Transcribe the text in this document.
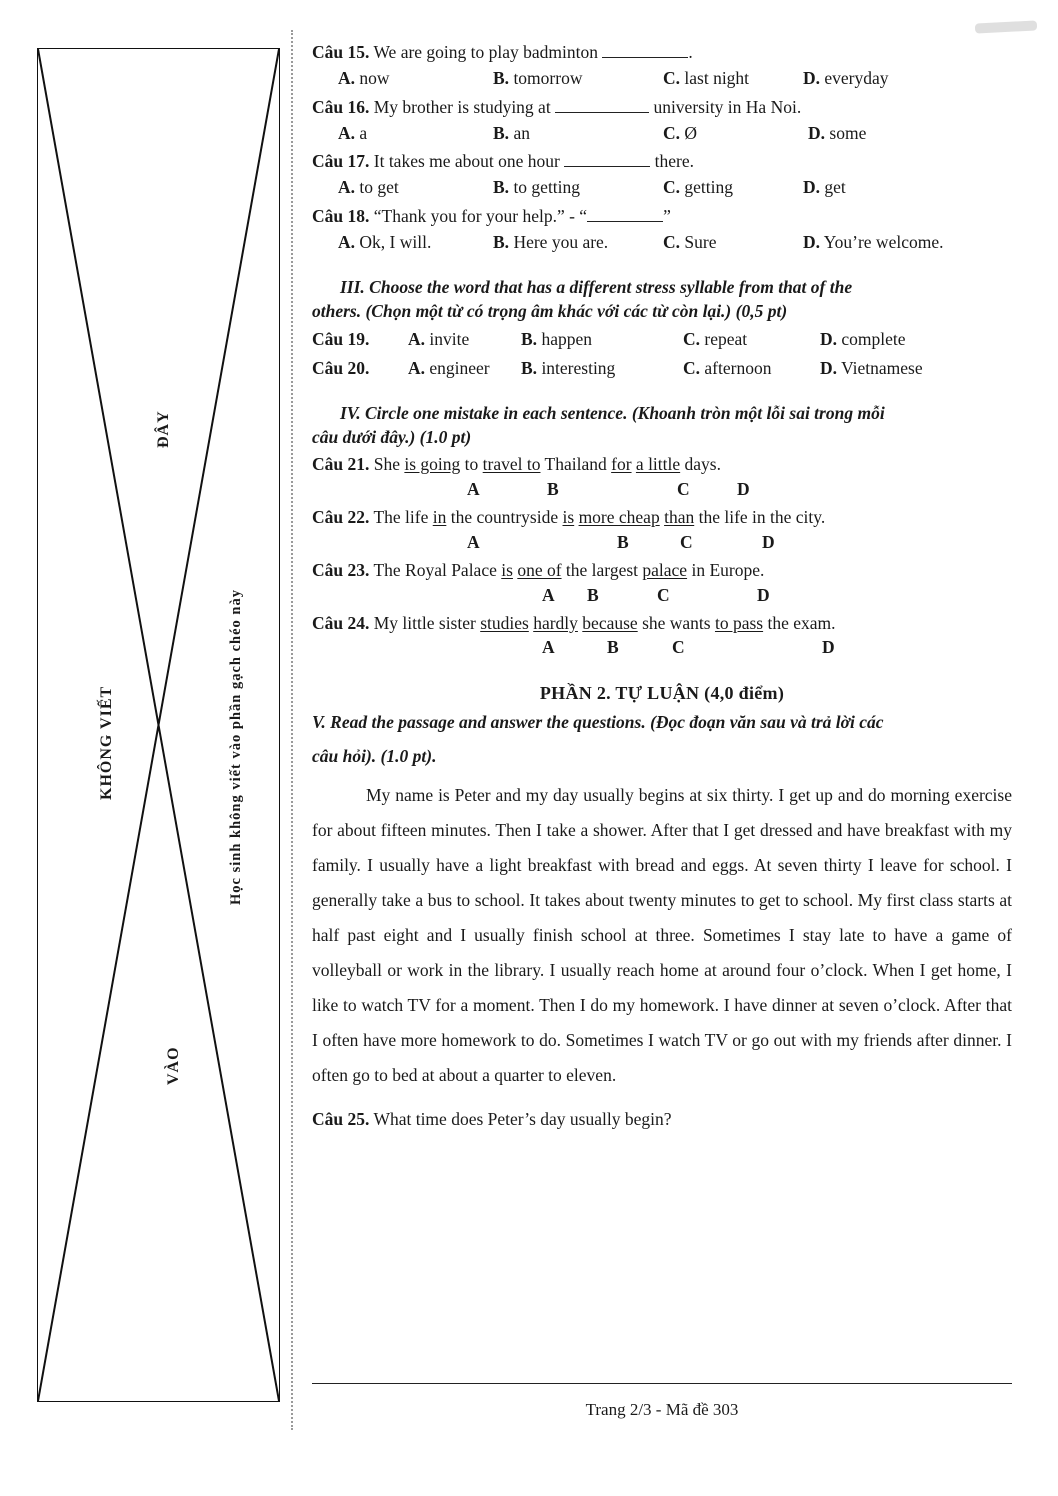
KHÔNG VIẾT
ĐÂY
VÀO
Học sinh không viết vào phần gạch chéo này
Câu 15. We are going to play badminton	.
A. now	B. tomorrow	C. last night	D. everyday
Câu 16. My brother is studying at	university in Ha Noi.
A. a	B. an	C. Ø	D. some
Câu 17. It takes me about one hour	there.
A. to get	B. to getting	C. getting	D. get
Câu 18. “Thank you for your help.” - “	”
A. Ok, I will.	B. Here you are.	C. Sure	D. You’re welcome.
III. Choose the word that has a different stress syllable from that of the
others. (Chọn một từ có trọng âm khác với các từ còn lại.) (0,5 pt)
Câu 19.	A. invite	B. happen	C. repeat	D. complete
Câu 20.	A. engineer	B. interesting	C. afternoon	D. Vietnamese
IV. Circle one mistake in each sentence. (Khoanh tròn một lỗi sai trong mỗi
câu dưới đây.) (1.0 pt)
Câu 21. She is going to travel to Thailand for a little days.
A	B	C	D
Câu 22. The life in the countryside is more cheap than the life in the city.
A	B	C	D
Câu 23. The Royal Palace is one of the largest palace in Europe.
A B	C	D
Câu 24. My little sister studies hardly because she wants to pass the exam.
A	B	C	D
PHẦN 2. TỰ LUẬN (4,0 điểm)
V. Read the passage and answer the questions. (Đọc đoạn văn sau và trả lời các
câu hỏi). (1.0 pt).
My name is Peter and my day usually begins at six thirty. I get up and do morning exercise for about fifteen minutes. Then I take a shower. After that I get dressed and have breakfast with my family. I usually have a light breakfast with bread and eggs. At seven thirty I leave for school. I generally take a bus to school. It takes about twenty minutes to get to school. My first class starts at half past eight and I usually finish school at three. Sometimes I stay late to have a game of volleyball or work in the library. I usually reach home at around four o’clock. When I get home, I like to watch TV for a moment. Then I do my homework. I have dinner at seven o’clock. After that I often have more homework to do. Sometimes I watch TV or go out with my friends after dinner. I often go to bed at about a quarter to eleven.
Câu 25. What time does Peter’s day usually begin?
Trang 2/3 - Mã đề 303
